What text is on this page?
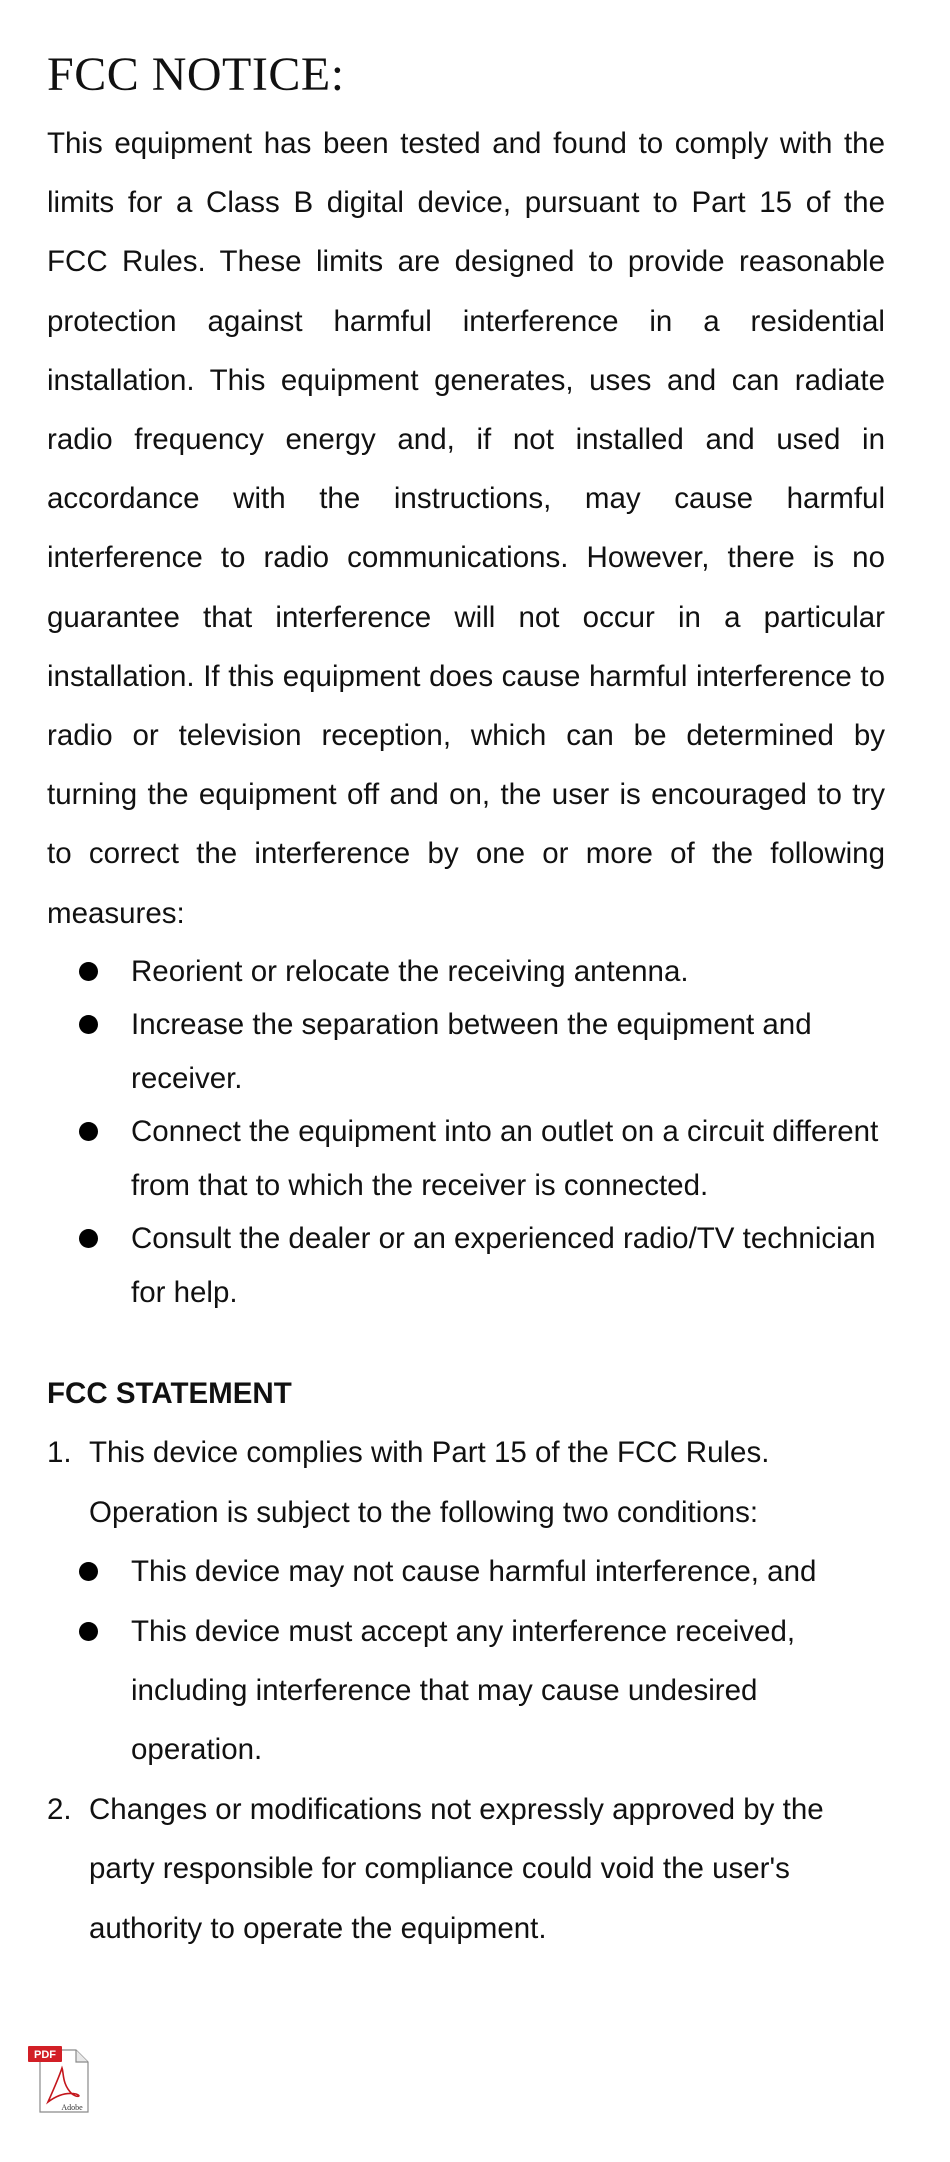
FCC NOTICE:

This equipment has been tested and found to comply with the limits for a Class B digital device, pursuant to Part 15 of the FCC Rules. These limits are designed to provide reasonable protection against harmful interference in a residential installation. This equipment generates, uses and can radiate radio frequency energy and, if not installed and used in accordance with the instructions, may cause harmful interference to radio communications. However, there is no guarantee that interference will not occur in a particular installation. If this equipment does cause harmful interference to radio or television reception, which can be determined by turning the equipment off and on, the user is encouraged to try to correct the interference by one or more of the following measures:

Reorient or relocate the receiving antenna.
Increase the separation between the equipment and receiver.
Connect the equipment into an outlet on a circuit different from that to which the receiver is connected.
Consult the dealer or an experienced radio/TV technician for help.
FCC STATEMENT
1. This device complies with Part 15 of the FCC Rules. Operation is subject to the following two conditions:
This device may not cause harmful interference, and
This device must accept any interference received, including interference that may cause undesired operation.
2. Changes or modifications not expressly approved by the party responsible for compliance could void the user's authority to operate the equipment.
PDF
Adobe
